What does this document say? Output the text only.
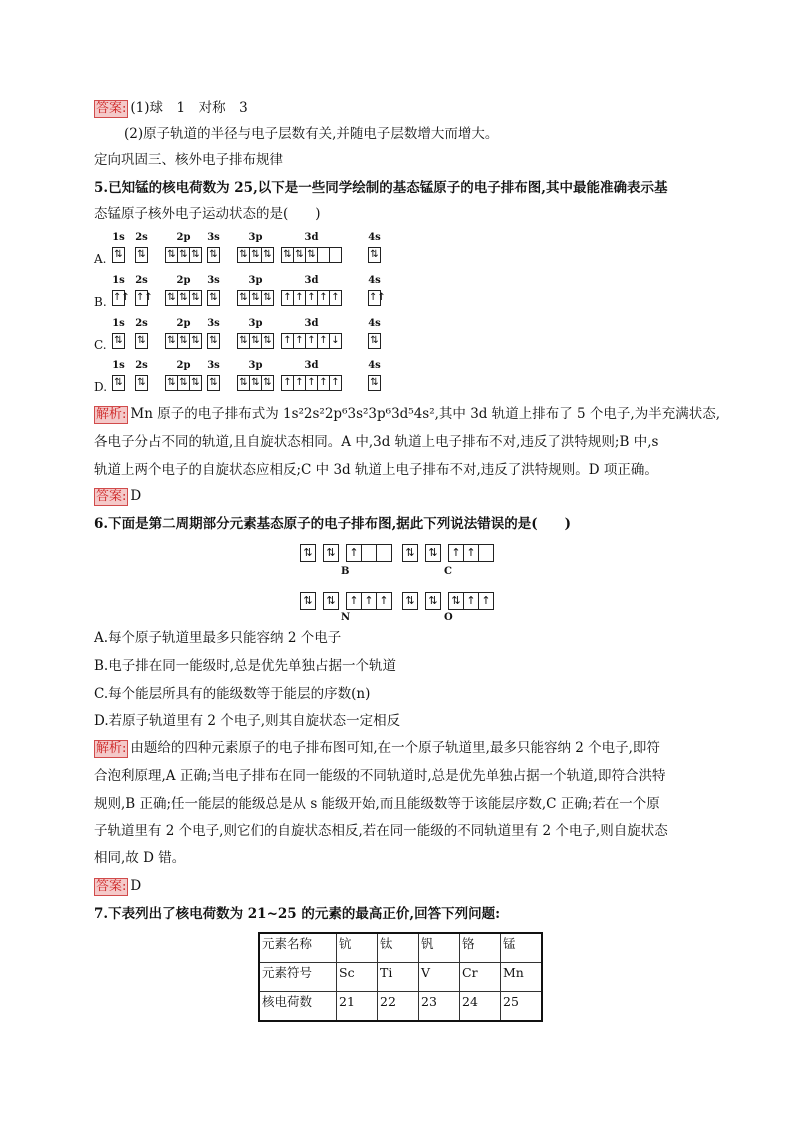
答案: (1)球　1　对称　3
(2)原子轨道的半径与电子层数有关,并随电子层数增大而增大。
定向巩固三、核外电子排布规律
5.已知锰的核电荷数为 25,以下是一些同学绘制的基态锰原子的电子排布图,其中最能准确表示基
态锰原子核外电子运动状态的是(　　)
A.
1s
⇅
2s
⇅
2p
⇅ ⇅ ⇅
3s
⇅
3p
⇅ ⇅ ⇅
3d
⇅ ⇅ ⇅
4s
⇅
B.
1s
↑↑
2s
↑↑
2p
⇅ ⇅ ⇅
3s
⇅
3p
⇅ ⇅ ⇅
3d
↑ ↑ ↑ ↑ ↑
4s
↑↑
C.
1s
⇅
2s
⇅
2p
⇅ ⇅ ⇅
3s
⇅
3p
⇅ ⇅ ⇅
3d
↑ ↑ ↑ ↑ ↓
4s
⇅
D.
1s
⇅
2s
⇅
2p
⇅ ⇅ ⇅
3s
⇅
3p
⇅ ⇅ ⇅
3d
↑ ↑ ↑ ↑ ↑
4s
⇅
解析: Mn 原子的电子排布式为 1s²2s²2p⁶3s²3p⁶3d⁵4s²,其中 3d 轨道上排布了 5 个电子,为半充满状态,
各电子分占不同的轨道,且自旋状态相同。A 中,3d 轨道上电子排布不对,违反了洪特规则;B 中,s
轨道上两个电子的自旋状态应相反;C 中 3d 轨道上电子排布不对,违反了洪特规则。D 项正确。
答案: D
6.下面是第二周期部分元素基态原子的电子排布图,据此下列说法错误的是(　　)
⇅	⇅	↑
B
⇅	⇅	↑ ↑
C
⇅	⇅	↑ ↑ ↑
N
⇅	⇅	⇅ ↑ ↑
O
A.每个原子轨道里最多只能容纳 2 个电子
B.电子排在同一能级时,总是优先单独占据一个轨道
C.每个能层所具有的能级数等于能层的序数(n)
D.若原子轨道里有 2 个电子,则其自旋状态一定相反
解析: 由题给的四种元素原子的电子排布图可知,在一个原子轨道里,最多只能容纳 2 个电子,即符
合泡利原理,A 正确;当电子排布在同一能级的不同轨道时,总是优先单独占据一个轨道,即符合洪特
规则,B 正确;任一能层的能级总是从 s 能级开始,而且能级数等于该能层序数,C 正确;若在一个原
子轨道里有 2 个电子,则它们的自旋状态相反,若在同一能级的不同轨道里有 2 个电子,则自旋状态
相同,故 D 错。
答案: D
7.下表列出了核电荷数为 21~25 的元素的最高正价,回答下列问题:
元素名称	钪	钛	钒	铬	锰
元素符号	Sc	Ti	V	Cr	Mn
核电荷数	21	22	23	24	25
